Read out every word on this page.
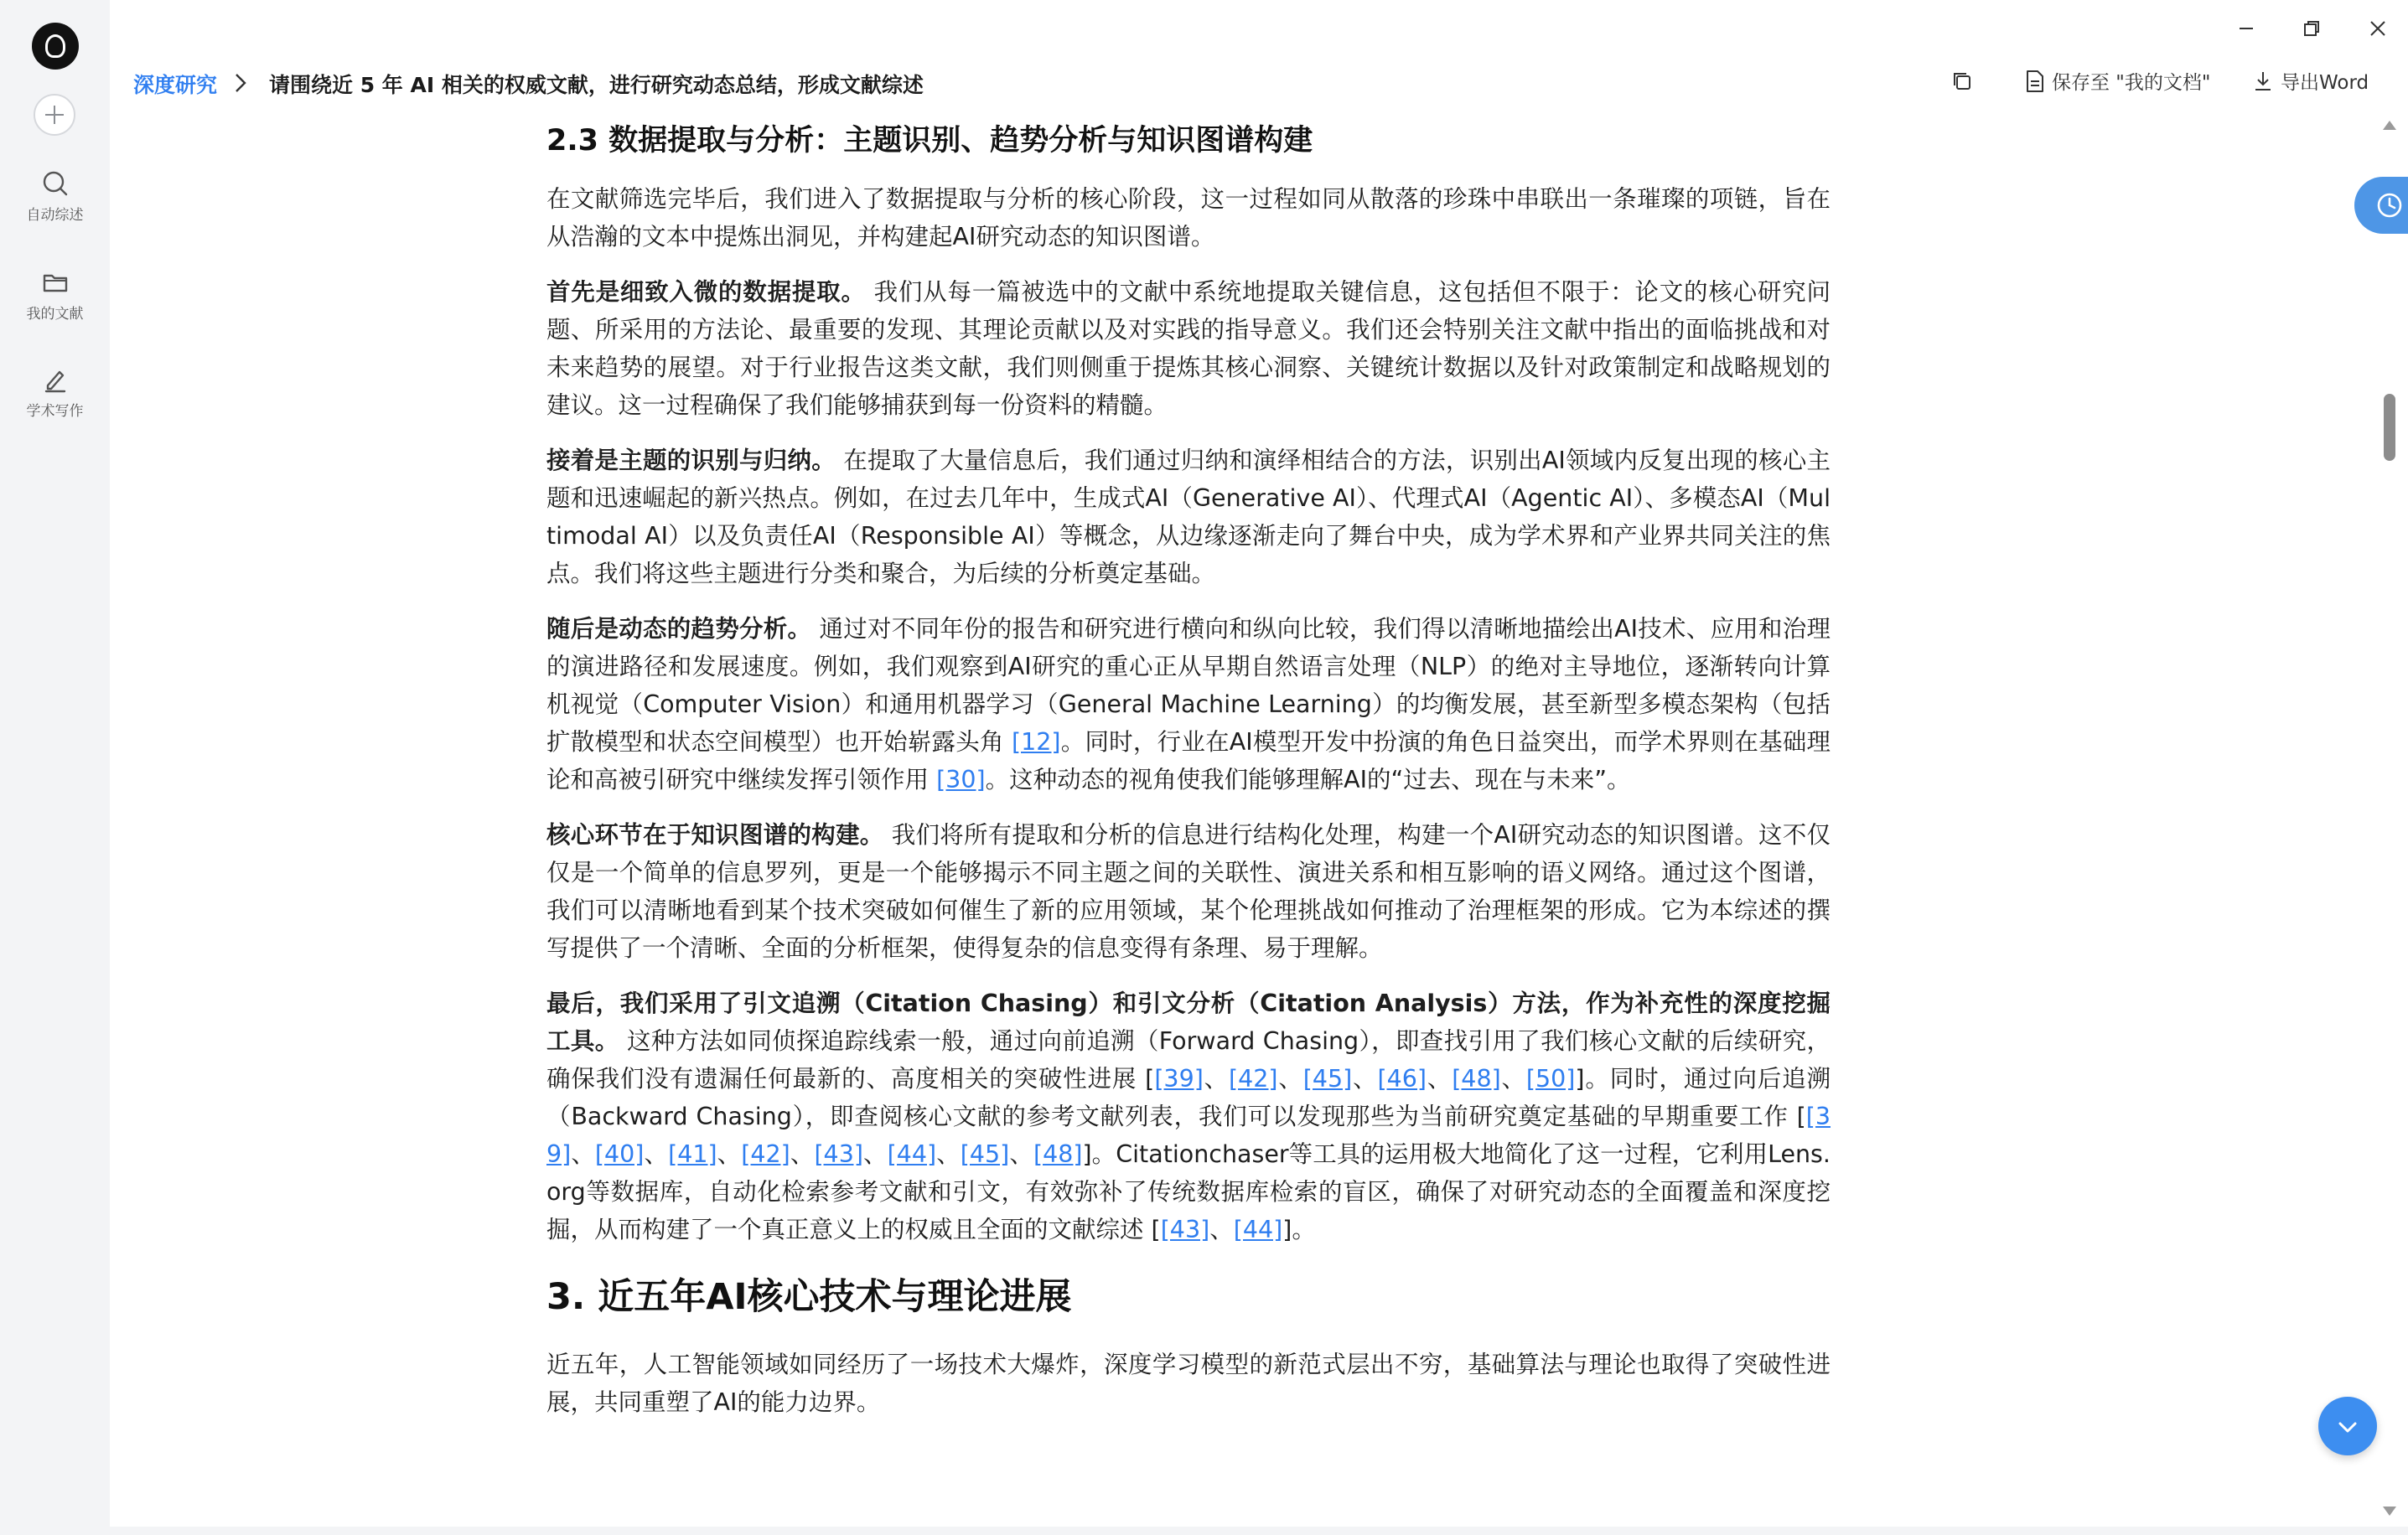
自动综述
我的文献
学术写作
深度研究 请围绕近 5 年 AI 相关的权威文献，进行研究动态总结，形成文献综述	保存至 "我的文档"	导出Word

2.3 数据提取与分析：主题识别、趋势分析与知识图谱构建

在文献筛选完毕后，我们进入了数据提取与分析的核心阶段，这一过程如同从散落的珍珠中串联出一条璀璨的项链，旨在从浩瀚的文本中提炼出洞见，并构建起AI研究动态的知识图谱。

首先是细致入微的数据提取。 我们从每一篇被选中的文献中系统地提取关键信息，这包括但不限于：论文的核心研究问题、所采用的方法论、最重要的发现、其理论贡献以及对实践的指导意义。我们还会特别关注文献中指出的面临挑战和对未来趋势的展望。对于行业报告这类文献，我们则侧重于提炼其核心洞察、关键统计数据以及针对政策制定和战略规划的建议。这一过程确保了我们能够捕获到每一份资料的精髓。

接着是主题的识别与归纳。 在提取了大量信息后，我们通过归纳和演绎相结合的方法，识别出AI领域内反复出现的核心主题和迅速崛起的新兴热点。例如，在过去几年中，生成式AI（Generative AI）、代理式AI（Agentic AI）、多模态AI（Multimodal AI）以及负责任AI（Responsible AI）等概念，从边缘逐渐走向了舞台中央，成为学术界和产业界共同关注的焦点。我们将这些主题进行分类和聚合，为后续的分析奠定基础。

随后是动态的趋势分析。 通过对不同年份的报告和研究进行横向和纵向比较，我们得以清晰地描绘出AI技术、应用和治理的演进路径和发展速度。例如，我们观察到AI研究的重心正从早期自然语言处理（NLP）的绝对主导地位，逐渐转向计算机视觉（Computer Vision）和通用机器学习（General Machine Learning）的均衡发展，甚至新型多模态架构（包括扩散模型和状态空间模型）也开始崭露头角 [12]。同时，行业在AI模型开发中扮演的角色日益突出，而学术界则在基础理论和高被引研究中继续发挥引领作用 [30]。这种动态的视角使我们能够理解AI的“过去、现在与未来”。

核心环节在于知识图谱的构建。 我们将所有提取和分析的信息进行结构化处理，构建一个AI研究动态的知识图谱。这不仅仅是一个简单的信息罗列，更是一个能够揭示不同主题之间的关联性、演进关系和相互影响的语义网络。通过这个图谱，我们可以清晰地看到某个技术突破如何催生了新的应用领域，某个伦理挑战如何推动了治理框架的形成。它为本综述的撰写提供了一个清晰、全面的分析框架，使得复杂的信息变得有条理、易于理解。

最后，我们采用了引文追溯（Citation Chasing）和引文分析（Citation Analysis）方法，作为补充性的深度挖掘工具。 这种方法如同侦探追踪线索一般，通过向前追溯（Forward Chasing），即查找引用了我们核心文献的后续研究，确保我们没有遗漏任何最新的、高度相关的突破性进展 [[39]、[42]、[45]、[46]、[48]、[50]]。同时，通过向后追溯（Backward Chasing），即查阅核心文献的参考文献列表，我们可以发现那些为当前研究奠定基础的早期重要工作 [[39]、[40]、[41]、[42]、[43]、[44]、[45]、[48]]。Citationchaser等工具的运用极大地简化了这一过程，它利用Lens.org等数据库，自动化检索参考文献和引文，有效弥补了传统数据库检索的盲区，确保了对研究动态的全面覆盖和深度挖掘，从而构建了一个真正意义上的权威且全面的文献综述 [[43]、[44]]。

3. 近五年AI核心技术与理论进展

近五年，人工智能领域如同经历了一场技术大爆炸，深度学习模型的新范式层出不穷，基础算法与理论也取得了突破性进展，共同重塑了AI的能力边界。
